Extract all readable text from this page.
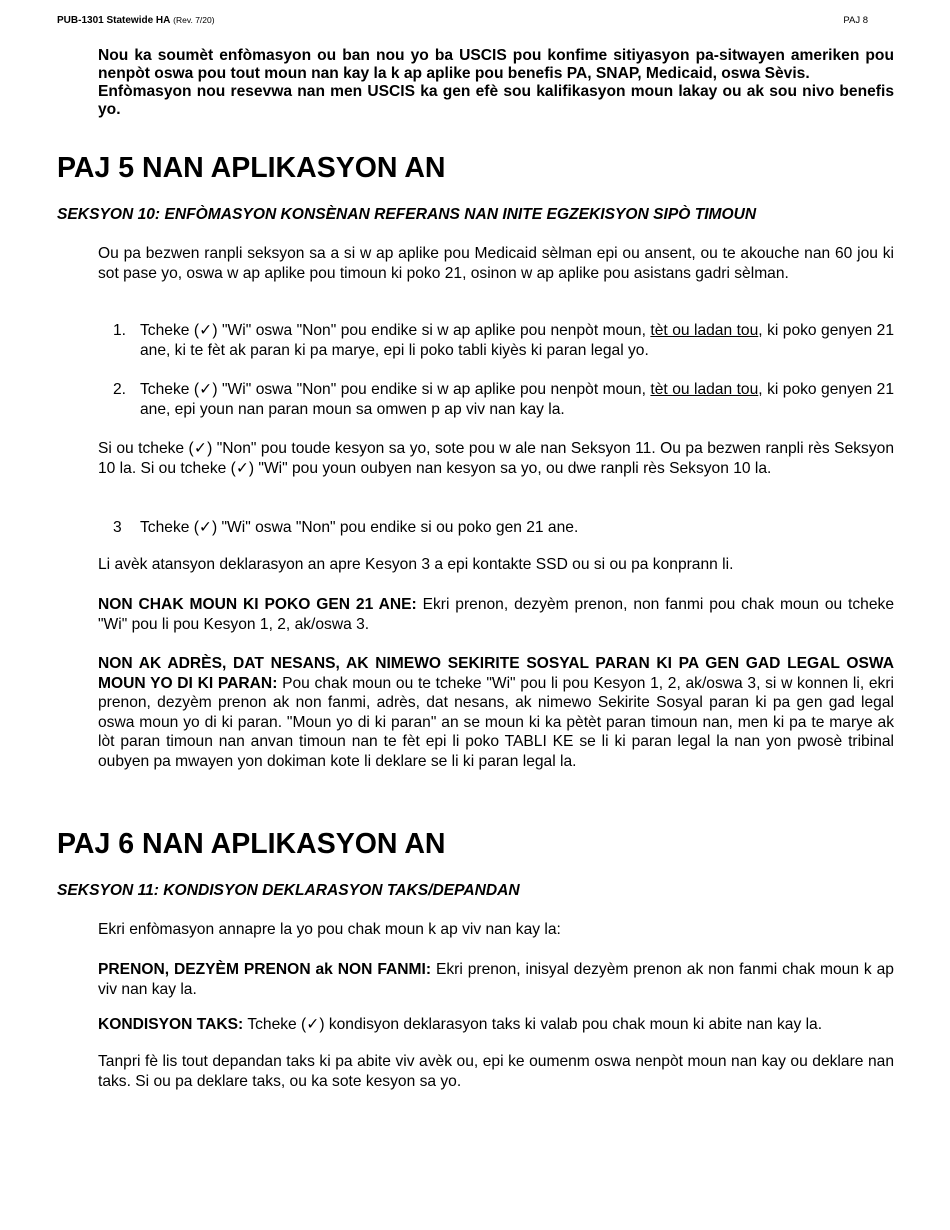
PUB-1301 Statewide HA (Rev. 7/20)	PAJ 8

Nou ka soumèt enfòmasyon ou ban nou yo ba USCIS pou konfime sitiyasyon pa-sitwayen ameriken pou nenpòt oswa pou tout moun nan kay la k ap aplike pou benefis PA, SNAP, Medicaid, oswa Sèvis.

Enfòmasyon nou resevwa nan men USCIS ka gen efè sou kalifikasyon moun lakay ou ak sou nivo benefis yo.

PAJ 5 NAN APLIKASYON AN
SEKSYON 10: ENFÒMASYON KONSÈNAN REFERANS NAN INITE EGZEKISYON SIPÒ TIMOUN
Ou pa bezwen ranpli seksyon sa a si w ap aplike pou Medicaid sèlman epi ou ansent, ou te akouche nan 60 jou ki sot pase yo, oswa w ap aplike pou timoun ki poko 21, osinon w ap aplike pou asistans gadri sèlman.
1. Tcheke (✓) "Wi" oswa "Non" pou endike si w ap aplike pou nenpòt moun, tèt ou ladan tou, ki poko genyen 21 ane, ki te fèt ak paran ki pa marye, epi li poko tabli kiyès ki paran legal yo.
2. Tcheke (✓) "Wi" oswa "Non" pou endike si w ap aplike pou nenpòt moun, tèt ou ladan tou, ki poko genyen 21 ane, epi youn nan paran moun sa omwen p ap viv nan kay la.
Si ou tcheke (✓) "Non" pou toude kesyon sa yo, sote pou w ale nan Seksyon 11. Ou pa bezwen ranpli rès Seksyon 10 la. Si ou tcheke (✓) "Wi" pou youn oubyen nan kesyon sa yo, ou dwe ranpli rès Seksyon 10 la.
3 Tcheke (✓) "Wi" oswa "Non" pou endike si ou poko gen 21 ane.
Li avèk atansyon deklarasyon an apre Kesyon 3 a epi kontakte SSD ou si ou pa konprann li.
NON CHAK MOUN KI POKO GEN 21 ANE: Ekri prenon, dezyèm prenon, non fanmi pou chak moun ou tcheke "Wi" pou li pou Kesyon 1, 2, ak/oswa 3.
NON AK ADRÈS, DAT NESANS, AK NIMEWO SEKIRITE SOSYAL PARAN KI PA GEN GAD LEGAL OSWA MOUN YO DI KI PARAN: Pou chak moun ou te tcheke "Wi" pou li pou Kesyon 1, 2, ak/oswa 3, si w konnen li, ekri prenon, dezyèm prenon ak non fanmi, adrès, dat nesans, ak nimewo Sekirite Sosyal paran ki pa gen gad legal oswa moun yo di ki paran. "Moun yo di ki paran" an se moun ki ka pètèt paran timoun nan, men ki pa te marye ak lòt paran timoun nan anvan timoun nan te fèt epi li poko TABLI KE se li ki paran legal la nan yon pwosè tribinal oubyen pa mwayen yon dokiman kote li deklare se li ki paran legal la.
PAJ 6 NAN APLIKASYON AN
SEKSYON 11: KONDISYON DEKLARASYON TAKS/DEPANDAN
Ekri enfòmasyon annapre la yo pou chak moun k ap viv nan kay la:
PRENON, DEZYÈM PRENON ak NON FANMI: Ekri prenon, inisyal dezyèm prenon ak non fanmi chak moun k ap viv nan kay la.
KONDISYON TAKS: Tcheke (✓) kondisyon deklarasyon taks ki valab pou chak moun ki abite nan kay la.
Tanpri fè lis tout depandan taks ki pa abite viv avèk ou, epi ke oumenm oswa nenpòt moun nan kay ou deklare nan taks. Si ou pa deklare taks, ou ka sote kesyon sa yo.
